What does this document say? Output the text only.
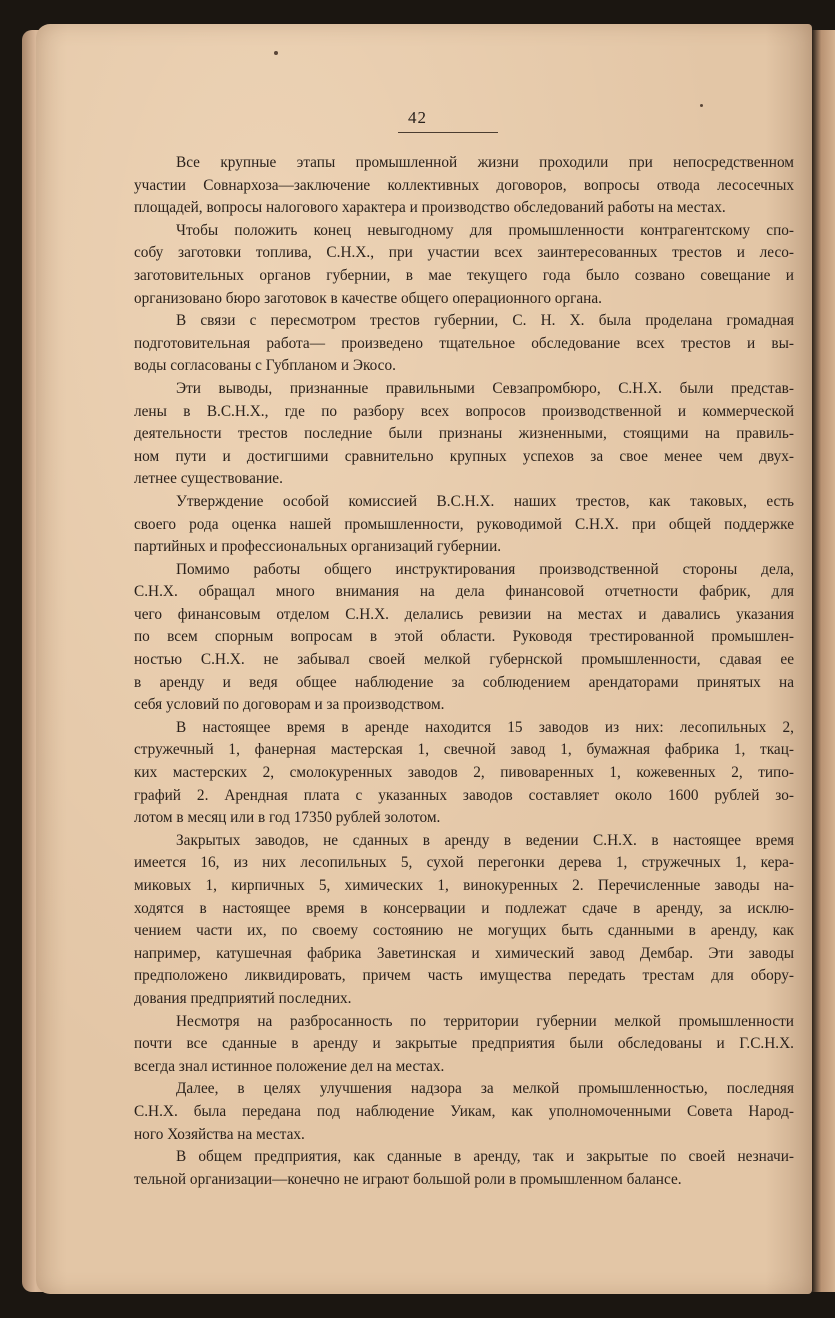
42
Все крупные этапы промышленной жизни проходили при непосредственном
участии Совнархоза—заключение коллективных договоров, вопросы отвода лесосечных
площадей, вопросы налогового характера и производство обследований работы на местах.
Чтобы положить конец невыгодному для промышленности контрагентскому спо-
собу заготовки топлива, С.Н.Х., при участии всех заинтересованных трестов и лесо-
заготовительных органов губернии, в мае текущего года было созвано совещание и
организовано бюро заготовок в качестве общего операционного органа.
В связи с пересмотром трестов губернии, С. Н. Х. была проделана громадная
подготовительная работа— произведено тщательное обследование всех трестов и вы-
воды согласованы с Губпланом и Экосо.
Эти выводы, признанные правильными Севзапромбюро, С.Н.Х. были представ-
лены в В.С.Н.Х., где по разбору всех вопросов производственной и коммерческой
деятельности трестов последние были признаны жизненными, стоящими на правиль-
ном пути и достигшими сравнительно крупных успехов за свое менее чем двух-
летнее существование.
Утверждение особой комиссией В.С.Н.Х. наших трестов, как таковых, есть
своего рода оценка нашей промышленности, руководимой С.Н.Х. при общей поддержке
партийных и профессиональных организаций губернии.
Помимо работы общего инструктирования производственной стороны дела,
С.Н.Х. обращал много внимания на дела финансовой отчетности фабрик, для
чего финансовым отделом С.Н.Х. делались ревизии на местах и давались указания
по всем спорным вопросам в этой области. Руководя трестированной промышлен-
ностью С.Н.Х. не забывал своей мелкой губернской промышленности, сдавая ее
в аренду и ведя общее наблюдение за соблюдением арендаторами принятых на
себя условий по договорам и за производством.
В настоящее время в аренде находится 15 заводов из них: лесопильных 2,
стружечный 1, фанерная мастерская 1, свечной завод 1, бумажная фабрика 1, ткац-
ких мастерских 2, смолокуренных заводов 2, пивоваренных 1, кожевенных 2, типо-
графий 2. Арендная плата с указанных заводов составляет около 1600 рублей зо-
лотом в месяц или в год 17350 рублей золотом.
Закрытых заводов, не сданных в аренду в ведении С.Н.Х. в настоящее время
имеется 16, из них лесопильных 5, сухой перегонки дерева 1, стружечных 1, кера-
миковых 1, кирпичных 5, химических 1, винокуренных 2. Перечисленные заводы на-
ходятся в настоящее время в консервации и подлежат сдаче в аренду, за исклю-
чением части их, по своему состоянию не могущих быть сданными в аренду, как
например, катушечная фабрика Заветинская и химический завод Дембар. Эти заводы
предположено ликвидировать, причем часть имущества передать трестам для обору-
дования предприятий последних.
Несмотря на разбросанность по территории губернии мелкой промышленности
почти все сданные в аренду и закрытые предприятия были обследованы и Г.С.Н.Х.
всегда знал истинное положение дел на местах.
Далее, в целях улучшения надзора за мелкой промышленностью, последняя
С.Н.Х. была передана под наблюдение Уикам, как уполномоченными Совета Народ-
ного Хозяйства на местах.
В общем предприятия, как сданные в аренду, так и закрытые по своей незначи-
тельной организации—конечно не играют большой роли в промышленном балансе.
